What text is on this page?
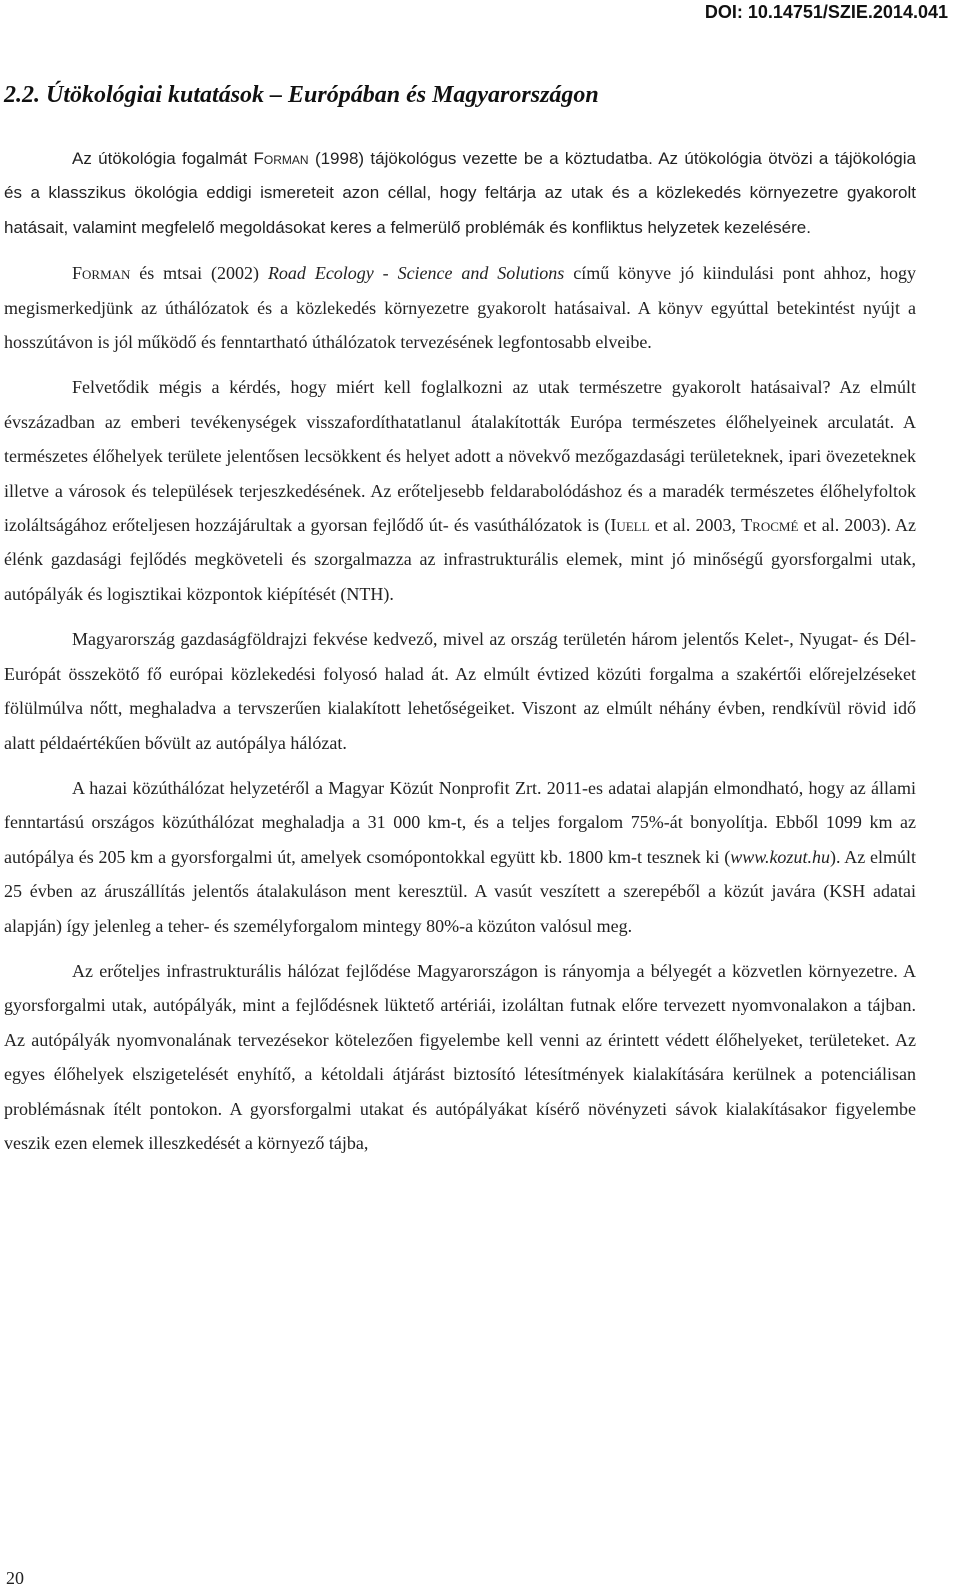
DOI: 10.14751/SZIE.2014.041
2.2. Útökológiai kutatások – Európában és Magyarországon

Az útökológia fogalmát Forman (1998) tájökológus vezette be a köztudatba. Az útökológia ötvözi a tájökológia és a klasszikus ökológia eddigi ismereteit azon céllal, hogy feltárja az utak és a közlekedés környezetre gyakorolt hatásait, valamint megfelelő megoldásokat keres a felmerülő problémák és konfliktus helyzetek kezelésére.

Forman és mtsai (2002) Road Ecology - Science and Solutions című könyve jó kiindulási pont ahhoz, hogy megismerkedjünk az úthálózatok és a közlekedés környezetre gyakorolt hatásaival. A könyv egyúttal betekintést nyújt a hosszútávon is jól működő és fenntartható úthálózatok tervezésének legfontosabb elveibe.

Felvetődik mégis a kérdés, hogy miért kell foglalkozni az utak természetre gyakorolt hatásaival? Az elmúlt évszázadban az emberi tevékenységek visszafordíthatatlanul átalakították Európa természetes élőhelyeinek arculatát. A természetes élőhelyek területe jelentősen lecsökkent és helyet adott a növekvő mezőgazdasági területeknek, ipari övezeteknek illetve a városok és települések terjeszkedésének. Az erőteljesebb feldarabolódáshoz és a maradék természetes élőhelyfoltok izoláltságához erőteljesen hozzájárultak a gyorsan fejlődő út- és vasúthálózatok is (Iuell et al. 2003, Trocmé et al. 2003). Az élénk gazdasági fejlődés megköveteli és szorgalmazza az infrastrukturális elemek, mint jó minőségű gyorsforgalmi utak, autópályák és logisztikai központok kiépítését (NTH).

Magyarország gazdaságföldrajzi fekvése kedvező, mivel az ország területén három jelentős Kelet-, Nyugat- és Dél-Európát összekötő fő európai közlekedési folyosó halad át. Az elmúlt évtized közúti forgalma a szakértői előrejelzéseket fölülmúlva nőtt, meghaladva a tervszerűen kialakított lehetőségeiket. Viszont az elmúlt néhány évben, rendkívül rövid idő alatt példaértékűen bővült az autópálya hálózat.

A hazai közúthálózat helyzetéről a Magyar Közút Nonprofit Zrt. 2011-es adatai alapján elmondható, hogy az állami fenntartású országos közúthálózat meghaladja a 31 000 km-t, és a teljes forgalom 75%-át bonyolítja. Ebből 1099 km az autópálya és 205 km a gyorsforgalmi út, amelyek csomópontokkal együtt kb. 1800 km-t tesznek ki (www.kozut.hu). Az elmúlt 25 évben az áruszállítás jelentős átalakuláson ment keresztül. A vasút veszített a szerepéből a közút javára (KSH adatai alapján) így jelenleg a teher- és személyforgalom mintegy 80%-a közúton valósul meg.

Az erőteljes infrastrukturális hálózat fejlődése Magyarországon is rányomja a bélyegét a közvetlen környezetre. A gyorsforgalmi utak, autópályák, mint a fejlődésnek lüktető artériái, izoláltan futnak előre tervezett nyomvonalakon a tájban. Az autópályák nyomvonalának tervezésekor kötelezően figyelembe kell venni az érintett védett élőhelyeket, területeket. Az egyes élőhelyek elszigetelését enyhítő, a kétoldali átjárást biztosító létesítmények kialakítására kerülnek a potenciálisan problémásnak ítélt pontokon. A gyorsforgalmi utakat és autópályákat kísérő növényzeti sávok kialakításakor figyelembe veszik ezen elemek illeszkedését a környező tájba,

20
